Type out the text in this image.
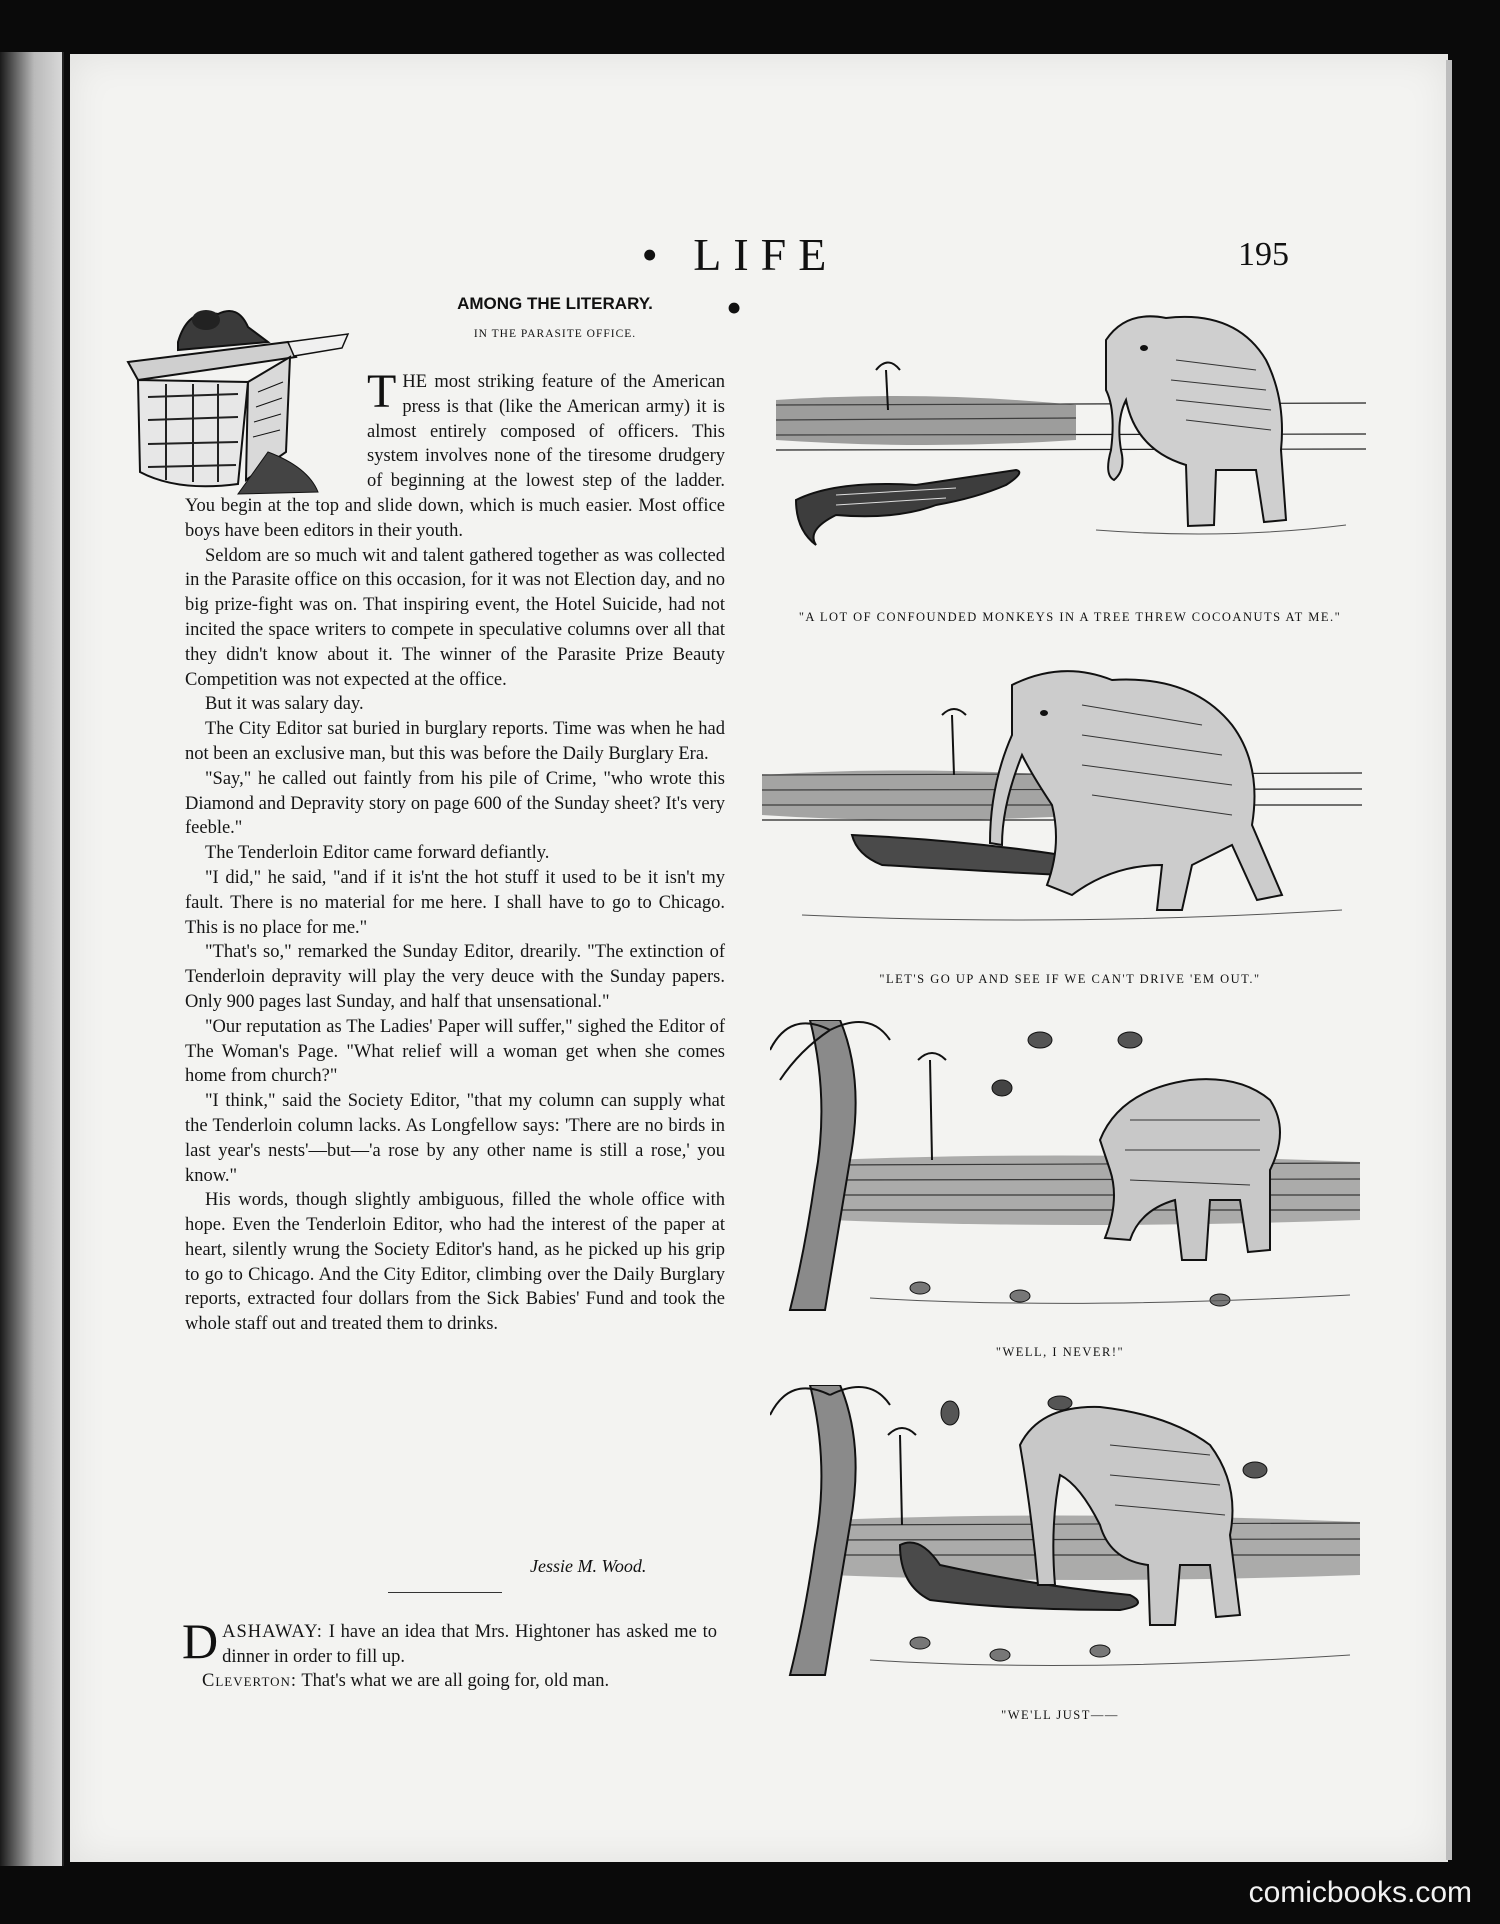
• LIFE •
195
AMONG THE LITERARY.
IN THE PARASITE OFFICE.

THE most striking feature of the American press is that (like the American army) it is almost entirely composed of officers. This system involves none of the tiresome drudgery of beginning at the lowest step of the ladder. You begin at the top and slide down, which is much easier. Most office boys have been editors in their youth.

Seldom are so much wit and talent gathered together as was collected in the Parasite office on this occasion, for it was not Election day, and no big prize-fight was on. That inspiring event, the Hotel Suicide, had not incited the space writers to compete in speculative columns over all that they didn't know about it. The winner of the Parasite Prize Beauty Competition was not expected at the office.

But it was salary day.

The City Editor sat buried in burglary reports. Time was when he had not been an exclusive man, but this was before the Daily Burglary Era.

"Say," he called out faintly from his pile of Crime, "who wrote this Diamond and Depravity story on page 600 of the Sunday sheet? It's very feeble."

The Tenderloin Editor came forward defiantly.

"I did," he said, "and if it is'nt the hot stuff it used to be it isn't my fault. There is no material for me here. I shall have to go to Chicago. This is no place for me."

"That's so," remarked the Sunday Editor, drearily. "The extinction of Tenderloin depravity will play the very deuce with the Sunday papers. Only 900 pages last Sunday, and half that unsensational."

"Our reputation as The Ladies' Paper will suffer," sighed the Editor of The Woman's Page. "What relief will a woman get when she comes home from church?"

"I think," said the Society Editor, "that my column can supply what the Tenderloin column lacks. As Longfellow says: 'There are no birds in last year's nests'—but—'a rose by any other name is still a rose,' you know."

His words, though slightly ambiguous, filled the whole office with hope. Even the Tenderloin Editor, who had the interest of the paper at heart, silently wrung the Society Editor's hand, as he picked up his grip to go to Chicago. And the City Editor, climbing over the Daily Burglary reports, extracted four dollars from the Sick Babies' Fund and took the whole staff out and treated them to drinks.

Jessie M. Wood.

DASHAWAY: I have an idea that Mrs. Hightoner has asked me to dinner in order to fill up.

Cleverton: That's what we are all going for, old man.

"A LOT OF CONFOUNDED MONKEYS IN A TREE THREW COCOANUTS AT ME."
"LET'S GO UP AND SEE IF WE CAN'T DRIVE 'EM OUT."
"WELL, I NEVER!"
"WE'LL JUST——
comicbooks.com
